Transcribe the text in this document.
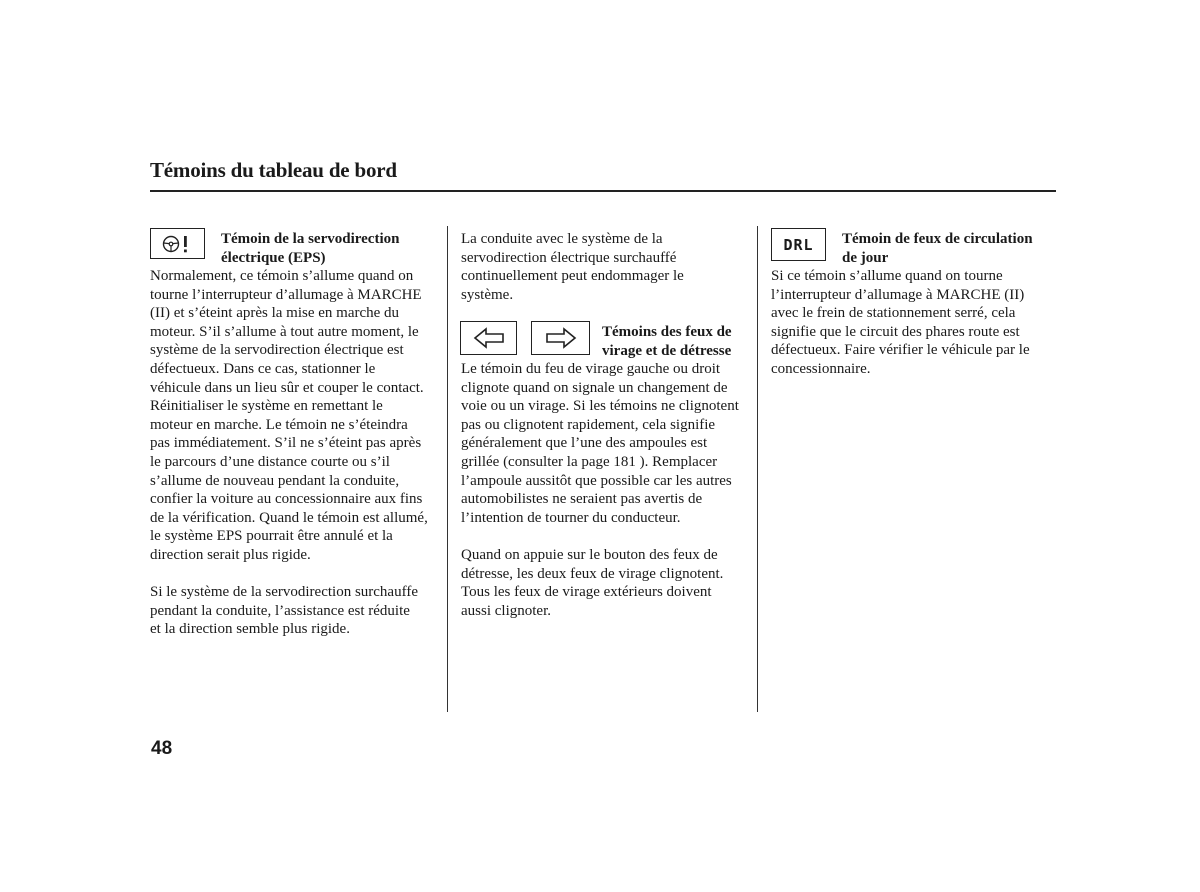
Témoins du tableau de bord
Témoin de la servodirection
électrique (EPS)

Normalement, ce témoin s’allume quand on
tourne l’interrupteur d’allumage à MARCHE
(II) et s’éteint après la mise en marche du
moteur. S’il s’allume à tout autre moment, le
système de la servodirection électrique est
défectueux. Dans ce cas, stationner le
véhicule dans un lieu sûr et couper le contact.
Réinitialiser le système en remettant le
moteur en marche. Le témoin ne s’éteindra
pas immédiatement. S’il ne s’éteint pas après
le parcours d’une distance courte ou s’il
s’allume de nouveau pendant la conduite,
confier la voiture au concessionnaire aux fins
de la vérification. Quand le témoin est allumé,
le système EPS pourrait être annulé et la
direction serait plus rigide.

Si le système de la servodirection surchauffe
pendant la conduite, l’assistance est réduite
et la direction semble plus rigide.

La conduite avec le système de la
servodirection électrique surchauffé
continuellement peut endommager le
système.

Témoins des feux de
virage et de détresse

Le témoin du feu de virage gauche ou droit
clignote quand on signale un changement de
voie ou un virage. Si les témoins ne clignotent
pas ou clignotent rapidement, cela signifie
généralement que l’une des ampoules est
grillée (consulter la page 181 ). Remplacer
l’ampoule aussitôt que possible car les autres
automobilistes ne seraient pas avertis de
l’intention de tourner du conducteur.

Quand on appuie sur le bouton des feux de
détresse, les deux feux de virage clignotent.
Tous les feux de virage extérieurs doivent
aussi clignoter.

DRL Témoin de feux de circulation
de jour

Si ce témoin s’allume quand on tourne
l’interrupteur d’allumage à MARCHE (II)
avec le frein de stationnement serré, cela
signifie que le circuit des phares route est
défectueux. Faire vérifier le véhicule par le
concessionnaire.

48
